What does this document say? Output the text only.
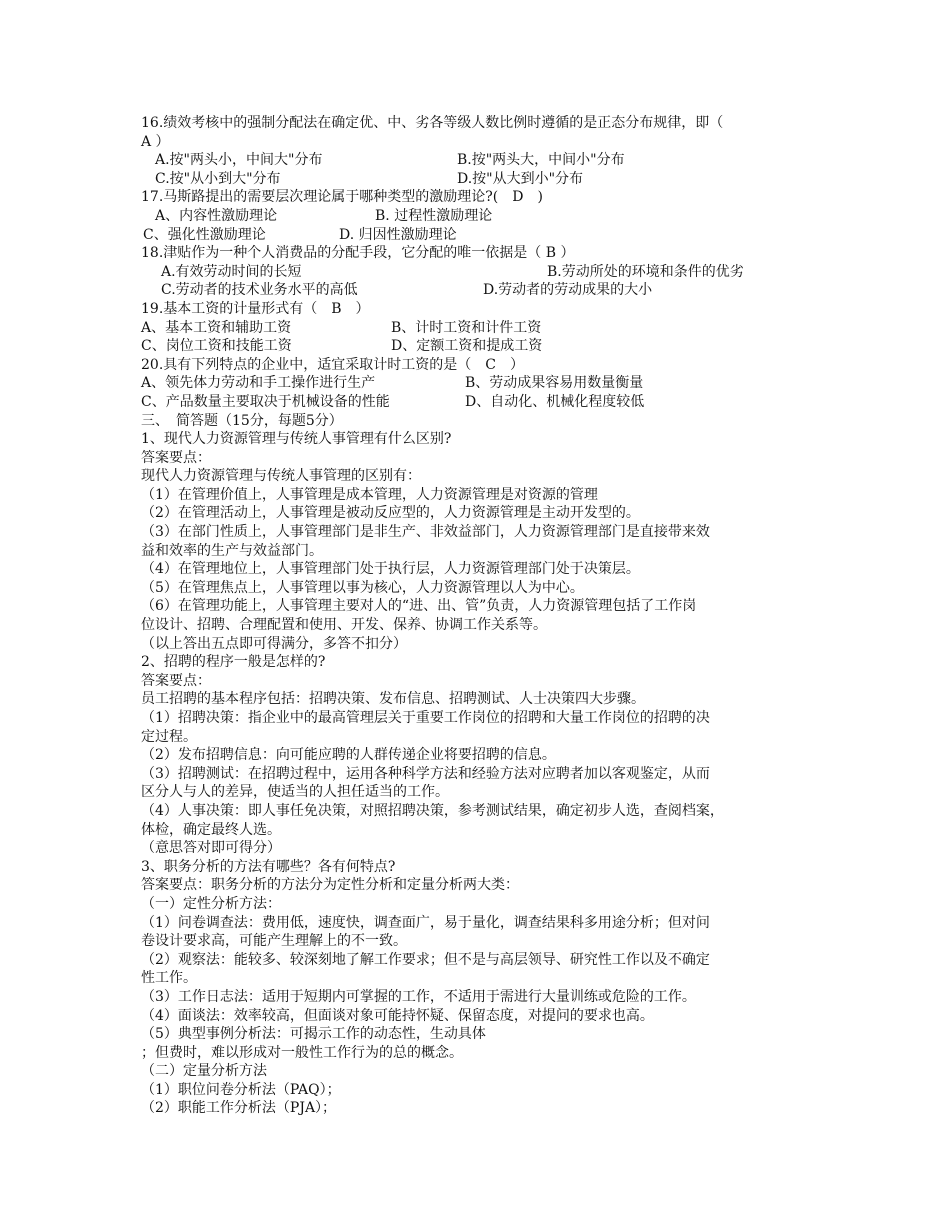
16.绩效考核中的强制分配法在确定优、中、劣各等级人数比例时遵循的是正态分布规律，即（
A ）
A.按"两头小，中间大"分布	B.按"两头大，中间小"分布
C.按"从小到大"分布	D.按"从大到小"分布
17.马斯路提出的需要层次理论属于哪种类型的激励理论?(　D　)
A、内容性激励理论	B. 过程性激励理论
C、强化性激励理论	D. 归因性激励理论
18.津贴作为一种个人消费品的分配手段，它分配的唯一依据是（ B ）
A.有效劳动时间的长短	B.劳动所处的环境和条件的优劣
C.劳动者的技术业务水平的高低	D.劳动者的劳动成果的大小
19.基本工资的计量形式有（　B　）
A、基本工资和辅助工资	B、计时工资和计件工资
C、岗位工资和技能工资	D、定额工资和提成工资
20.具有下列特点的企业中，适宜采取计时工资的是（　C　）
A、领先体力劳动和手工操作进行生产	B、劳动成果容易用数量衡量
C、产品数量主要取决于机械设备的性能	D、自动化、机械化程度较低
三、　简答题（15分，每题5分）
1、现代人力资源管理与传统人事管理有什么区别?
答案要点：
现代人力资源管理与传统人事管理的区别有：
（1）在管理价值上，人事管理是成本管理，人力资源管理是对资源的管理
（2）在管理活动上，人事管理是被动反应型的，人力资源管理是主动开发型的。
（3）在部门性质上，人事管理部门是非生产、非效益部门，人力资源管理部门是直接带来效
益和效率的生产与效益部门。
（4）在管理地位上，人事管理部门处于执行层，人力资源管理部门处于决策层。
（5）在管理焦点上，人事管理以事为核心，人力资源管理以人为中心。
（6）在管理功能上，人事管理主要对人的“进、出、管”负责，人力资源管理包括了工作岗
位设计、招聘、合理配置和使用、开发、保养、协调工作关系等。
（以上答出五点即可得满分，多答不扣分）
2、招聘的程序一般是怎样的?
答案要点：
员工招聘的基本程序包括：招聘决策、发布信息、招聘测试、人士决策四大步骤。
（1）招聘决策：指企业中的最高管理层关于重要工作岗位的招聘和大量工作岗位的招聘的决
定过程。
（2）发布招聘信息：向可能应聘的人群传递企业将要招聘的信息。
（3）招聘测试：在招聘过程中，运用各种科学方法和经验方法对应聘者加以客观鉴定，从而
区分人与人的差异，使适当的人担任适当的工作。
（4）人事决策：即人事任免决策，对照招聘决策，参考测试结果，确定初步人选，查阅档案，
体检，确定最终人选。
（意思答对即可得分）
3、职务分析的方法有哪些？各有何特点?
答案要点：职务分析的方法分为定性分析和定量分析两大类：
（一）定性分析方法：
（1）问卷调查法：费用低，速度快，调查面广，易于量化，调查结果科多用途分析；但对问
卷设计要求高，可能产生理解上的不一致。
（2）观察法：能较多、较深刻地了解工作要求；但不是与高层领导、研究性工作以及不确定
性工作。
（3）工作日志法：适用于短期内可掌握的工作，不适用于需进行大量训练或危险的工作。
（4）面谈法：效率较高，但面谈对象可能持怀疑、保留态度，对提问的要求也高。
（5）典型事例分析法：可揭示工作的动态性，生动具体
；但费时，难以形成对一般性工作行为的总的概念。
（二）定量分析方法
（1）职位问卷分析法（PAQ）；
（2）职能工作分析法（PJA）；
